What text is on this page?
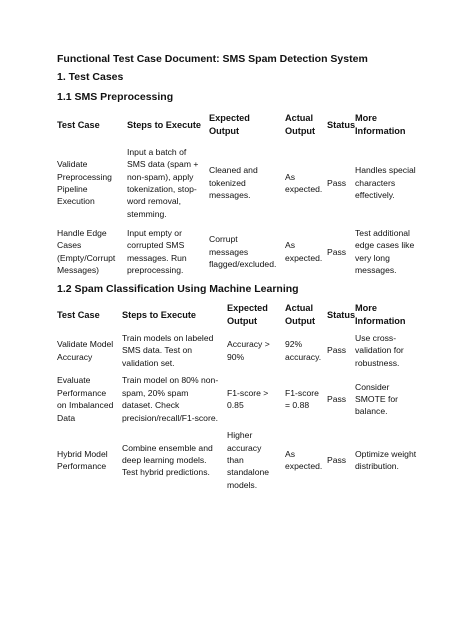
Functional Test Case Document: SMS Spam Detection System
1. Test Cases
1.1 SMS Preprocessing
Test Case	Steps to Execute	Expected Output	Actual Output	Status	More Information
Validate Preprocessing Pipeline Execution	Input a batch of SMS data (spam + non-spam), apply tokenization, stop-word removal, stemming.	Cleaned and tokenized messages.	As expected.	Pass	Handles special characters effectively.
Handle Edge Cases (Empty/Corrupt Messages)	Input empty or corrupted SMS messages. Run preprocessing.	Corrupt messages flagged/excluded.	As expected.	Pass	Test additional edge cases like very long messages.
1.2 Spam Classification Using Machine Learning
Test Case	Steps to Execute	Expected Output	Actual Output	Status	More Information
Validate Model Accuracy	Train models on labeled SMS data. Test on validation set.	Accuracy > 90%	92% accuracy.	Pass	Use cross-validation for robustness.
Evaluate Performance on Imbalanced Data	Train model on 80% non-spam, 20% spam dataset. Check precision/recall/F1-score.	F1-score > 0.85	F1-score = 0.88	Pass	Consider SMOTE for balance.
Hybrid Model Performance	Combine ensemble and deep learning models. Test hybrid predictions.	Higher accuracy than standalone models.	As expected.	Pass	Optimize weight distribution.
